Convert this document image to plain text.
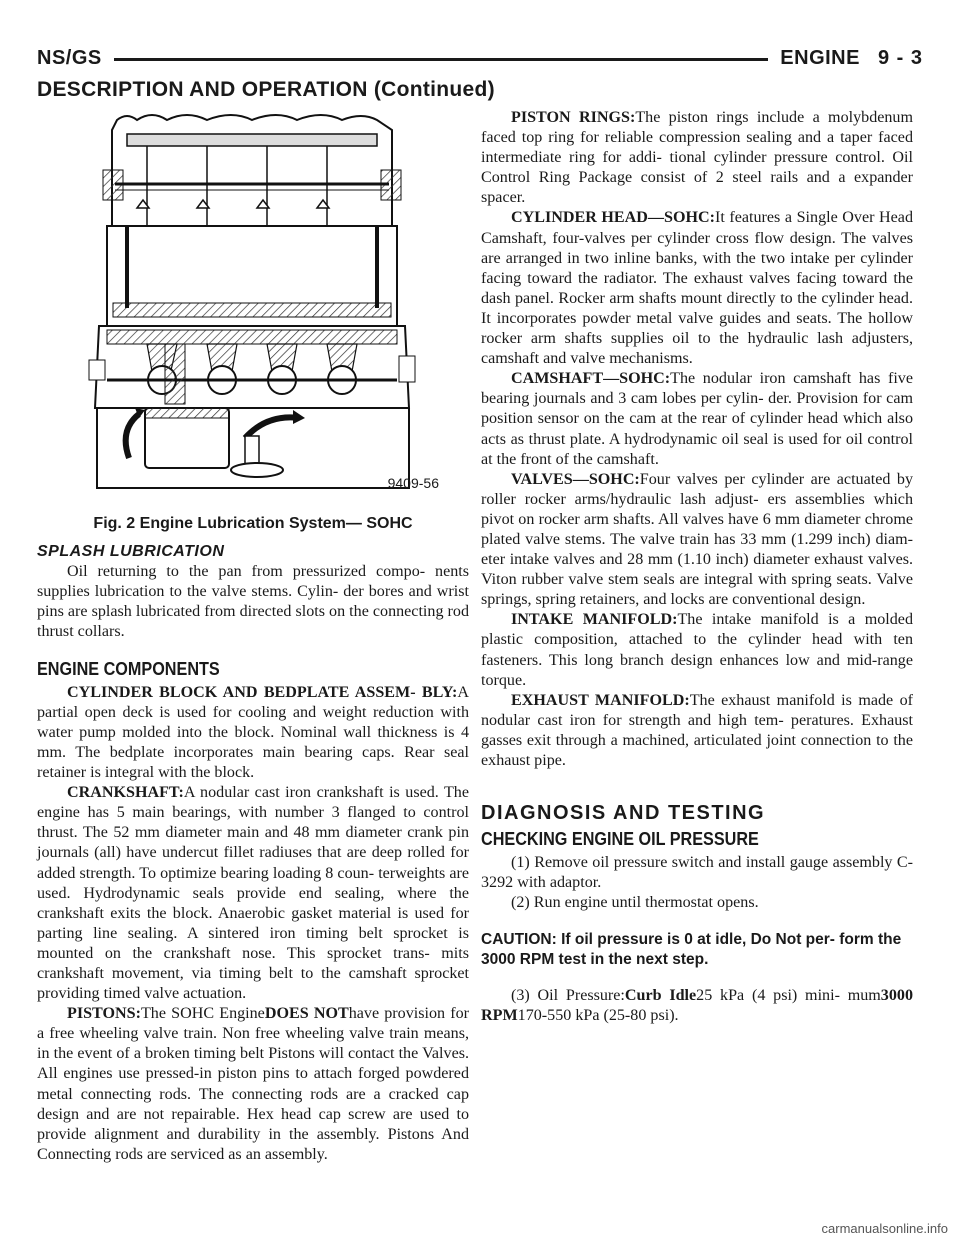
NS/GS	ENGINE 9 - 3
DESCRIPTION AND OPERATION (Continued)
9409-56
Fig. 2 Engine Lubrication System— SOHC
SPLASH LUBRICATION

Oil returning to the pan from pressurized compo- nents supplies lubrication to the valve stems. Cylin- der bores and wrist pins are splash lubricated from directed slots on the connecting rod thrust collars.

ENGINE COMPONENTS

CYLINDER BLOCK AND BEDPLATE ASSEM- BLY:A partial open deck is used for cooling and weight reduction with water pump molded into the block. Nominal wall thickness is 4 mm. The bedplate incorporates main bearing caps. Rear seal retainer is integral with the block.

CRANKSHAFT:A nodular cast iron crankshaft is used. The engine has 5 main bearings, with number 3 flanged to control thrust. The 52 mm diameter main and 48 mm diameter crank pin journals (all) have undercut fillet radiuses that are deep rolled for added strength. To optimize bearing loading 8 coun- terweights are used. Hydrodynamic seals provide end sealing, where the crankshaft exits the block. Anaerobic gasket material is used for parting line sealing. A sintered iron timing belt sprocket is mounted on the crankshaft nose. This sprocket trans- mits crankshaft movement, via timing belt to the camshaft sprocket providing timed valve actuation.

PISTONS:The SOHC EngineDOES NOThave provision for a free wheeling valve train. Non free wheeling valve train means, in the event of a broken timing belt Pistons will contact the Valves. All engines use pressed-in piston pins to attach forged powdered metal connecting rods. The connecting rods are a cracked cap design and are not repairable. Hex head cap screw are used to provide alignment and durability in the assembly. Pistons And Connecting rods are serviced as an assembly.

PISTON RINGS:The piston rings include a molybdenum faced top ring for reliable compression sealing and a taper faced intermediate ring for addi- tional cylinder pressure control. Oil Control Ring Package consist of 2 steel rails and a expander spacer.

CYLINDER HEAD—SOHC:It features a Single Over Head Camshaft, four-valves per cylinder cross flow design. The valves are arranged in two inline banks, with the two intake per cylinder facing toward the radiator. The exhaust valves facing toward the dash panel. Rocker arm shafts mount directly to the cylinder head. It incorporates powder metal valve guides and seats. The hollow rocker arm shafts supplies oil to the hydraulic lash adjusters, camshaft and valve mechanisms.

CAMSHAFT—SOHC:The nodular iron camshaft has five bearing journals and 3 cam lobes per cylin- der. Provision for cam position sensor on the cam at the rear of cylinder head which also acts as thrust plate. A hydrodynamic oil seal is used for oil control at the front of the camshaft.

VALVES—SOHC:Four valves per cylinder are actuated by roller rocker arms/hydraulic lash adjust- ers assemblies which pivot on rocker arm shafts. All valves have 6 mm diameter chrome plated valve stems. The valve train has 33 mm (1.299 inch) diam- eter intake valves and 28 mm (1.10 inch) diameter exhaust valves. Viton rubber valve stem seals are integral with spring seats. Valve springs, spring retainers, and locks are conventional design.

INTAKE MANIFOLD:The intake manifold is a molded plastic composition, attached to the cylinder head with ten fasteners. This long branch design enhances low and mid-range torque.

EXHAUST MANIFOLD:The exhaust manifold is made of nodular cast iron for strength and high tem- peratures. Exhaust gasses exit through a machined, articulated joint connection to the exhaust pipe.

DIAGNOSIS AND TESTING
CHECKING ENGINE OIL PRESSURE

(1) Remove oil pressure switch and install gauge assembly C-3292 with adaptor.

(2) Run engine until thermostat opens.

CAUTION: If oil pressure is 0 at idle, Do Not per- form the 3000 RPM test in the next step.

(3) Oil Pressure:Curb Idle25 kPa (4 psi) mini- mum3000 RPM170-550 kPa (25-80 psi).

carmanualsonline.info
